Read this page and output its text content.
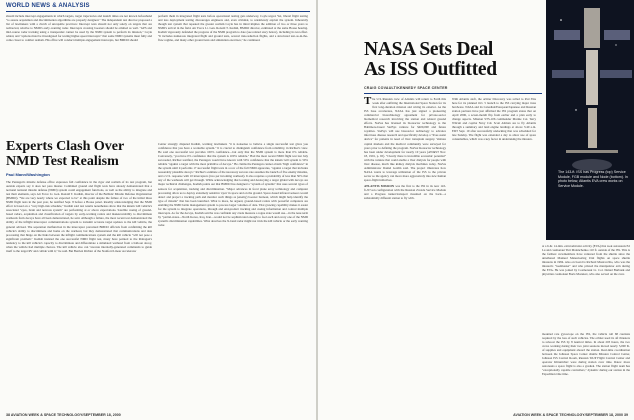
WORLD NEWS & ANALYSIS
should include intercept engagements in which targets, target trajectories and launch times are not known beforehand "to assure acquisition and discrimination algorithms are properly designed." The independent test director proposed a list of lawmakers with a clutch of uncapable practices: Intercept tests should not only solely on targets that are redirected, relative to NMD's early-warning radar. Intercepts crossing boosters should be omitted as well. "GPS and mid-course radar tracking using a transponder cannot be used by the NMD system to perform its mission," Coyle added, and "options must be investigated for testing higher-speed intercepts" that some NMD systems must fully and come closer to combat realism. His office will conduct multiple engagement intercepts, but BMDO should
perform them in integrated flight tests before operational testing gets underway, Coyle urged. Yet, liberal flight testing and less deployment testing discourages engineers and, even criminal, to relentlessly exploit the system. Inherently though test system that repeated the greater realism Coyle has in mind implies the addition of two or three years to NMD's arrival in the field. Air Force Lt. Gen. Ronald T. Kadish, BMDO director, estimated at the same House hearing. Kadish vigorously defended the progress of the NMD program to date (see related story below), including its test effort. "It includes numerous integrated flight and ground tests, several risk-reduction flights, and a structured test-as-in-the-flow regime, and many other ground tests and simulation exercises," he continued.
Experts Clash Over NMD Test Realism
Paul Mann/Washington
The Pentagon's missile defense office expresses full confidence in the rigor and realism of its test program, but outside experts say it does not pass muster. Combined ground and flight tests have already demonstrated that a notional national missile defense (NMD) system could engagement functions, as well as the ability to integrate and test their elements, says Air Force Lt. Gen. Ronald T. Kadish, director of the Ballistic Missile Defense Organization (BMDO). "We are very nearly where we expected to be" at this point despite the failure of two of the initial three NMD flight tests in the past year, he testified Sept. 8 before a House panel. Readily acknowledging that the NMD effort is based on a "very high-risk schedule," Kadish said test results nonetheless show that the kinetic kill vehicle's associated "eyes, brain and nervous system" are performing at or above expectations. Satellite cueing of ground-based radars, acquisition and classification of targets by early-warning radars and maneuverability to discriminate warheads from decoys have all been demonstrated, he said. Although a failure, the most recent test demonstrated the ability of the inflight interceptor communications system to transmit accurate target updates to the kill vehicle, the general advised. The separation malfunction in the interceptor prevented BMDO officials from confirming the kill vehicle's ability to discriminate and home on the warhead, but they demonstrated that communications and data processing that hinge on the links between the inflight communications system and the kill vehicle "will not pose a significant problem." Kadish insisted the one successful NMD flight test, many have pointed to the Pentagon's tendency to the kill vehicle's capacity to discriminate and differentiate a simulated warhead from a balloon decoy, when the vehicle had multiple choices. The kill vehicle also can "execute internally-generated commands to guide itself to the target RV and collide with it," he said. But Berrien Richter of the Stanford Linear Accelerator
Center strongly disputed Kadish, warning lawmakers "it is nonsense to believe a single successful test gives you confidence that you have a workable system." It is crucial to distinguish confidence from reliability, in Richter's view. He said one successful test provides 100% confidence—but only that the NMD system is more than 0% reliable. Conversely, "you have 0% confidence that the system is 100% reliable." Had the most recent NMD flight test last July succeeded, Richter testified, the Pentagon would have known with 50% confidence that the kinetic kill system is 50% reliable "against a target with the most primitive of decoys." He claims the Pentagon cannot obtain "high confidence" in the system until it performs 17 successful flight tests in a row of the full NMD apparatus, "against a target that includes reasonably plausible decoys." Richter's estimate of the necessary success rate assumes the launch of five enemy missiles, and a U.S. response with 10 interceptors (two per incoming warhead). It also requires a probability of less than 50% that any of the warheads will get through. While acknowledging that locating and destroying a target gilded with decoys are major technical challenges, Kadish points out that BMDO has designed a "system of systems" that uses several types of sensors for acquisition, tracking and discrimination. "Major advances in focal plane array technology and computer processing allow us to deploy extremely sensitive 'eyes' in space and on the ground. Space-based infrared sensors would detect and project a tracking path and monitor such things as (enemy) booster burnout, which might help identify the type of missile" that has been launched. What is more, he argued, ground-based radars with powerful computers are enabling the NMD battle management system to process larger volumes of data. That growing capability makes it easier for the system to integrate operations, through and end-product tracking and cueing information and control multiple intercepts. As for the decoys, Kadish said he was confident any crude measure a rogue state would use—in the near-term by "partial-states—North Korea, Iraq, Iran—would not be sophisticated enough to fool each and every one of the NMD system's discrimination capabilities. What deceives the X-band radar might not trick the kill vehicle or the early warning radar.
38 AVIATION WEEK & SPACE TECHNOLOGY/SEPTEMBER 18, 2000
The 143-ft. ISS has Progress (top) Service Module, FGB module and Node (bottom). In photo below, Atlantis EVA crew works on Service Module.
NASA Sets Deal
As ISS Outfitted
CRAIG COVAULT/KENNEDY SPACE CENTER
The U.S./Russian crew of Atlantis will return to Earth this week after outfitting the International Space Station for its first long-duration mission and wiring its exterior. As the ISS base accelerates, NASA has just signed a pioneering commercial biotechnology agreement for private-sector biomedical research involving the station and related ground efforts. NASA has licensed its bioreactor technology to the Baltimore-based StelSys venture for $400,000 and future royalties. StelSys will use bioreactor technology to advance infectious disease research and specifically develop a "liver-assist device" for patients in need of liver transplant surgery. Venture capital markets and the medical community were surveyed for years prior to defining the program. NASA bioreactor technology has been under development for nearly 10 years (AW&ST Nov. 18, 1991, p. 65). "Clearly there is incredible economic potential" with the venture that could enable a liver dialysis for people with liver disease, much like kidney dialysis machines today, NASA Administrator Daniel Goldin said. The project illustrates how NASA wants to leverage utilization of the ISS to the private sector so the agency can move more aggressively into new human space-flight initiatives.
ATLANTIS MISSION was the first to the ISS in its new 143-ft./67-ton configuration with the Russian Zvezda Service Module and a Progress tanker/transport mounted on the back—a substantially different station to fly with.
With Atlantis aloft, the orbiter Discovery was rolled to Pad 39A here for its planned Oct. 5 launch to the ISS carrying major truss hardware. NASA and its Canadian/European/Japanese and Russian station partners have just affirmed the ISS program status that on April 2006, a seven-month flip from earlier and a plan early to change aspects. Mission STS-106 commander Marine Col. Terry Wilcutt and copilot Navy Cdr. Scott Altman are to fly Atlantis through a summary and land engine landings at above 3:40 a.m. EDT Sept. 19 after successfully undocking that was scheduled for late Sunday. The flight was extended a day to allow use of spare consumables, which was a key factor in undertaking the mission.
at a 6-hr. 14-min. extravehicular activity (EVA) that took astronauts Ed Lu and cosmonaut Yuri Malenchenko 110 ft. outside of the ISS. This is the farthest crewmembers have ventured from the shuttle since the untethered Manned Maneuvering Unit flights on space shuttle missions in 1984. Also on board is Richard Mastracchio, who was the mission's "loadmaster" and who piloted the manipulator arm during the EVA. He was joined by Cosmonaut Lt. Col. Daniel Burbank and physician cosmonaut Boris Morukov, who also served on the crew.
mounted rate gyroscope on the ISS, the vehicle roll 68 cautions required by the loss of such vehicles. The orbiter used its aft thrusters to reboost the ISS by 8 nautical miles. In about 203 hours, the two crews working during their two joint sessions moved nearly 5,000 lb. of supplies and equipment aboard the station. Real-time coordination between the Johnson Space Center shuttle Mission Control Center, Johnson ISS Control Room, Russian TsUP Flight Control Center and operator Khrunichev were during station crew time. Rates: more astronauts a space flight is also a gradual. The station flight team has "exceptionally capable controllers," dynamic during our station in the Expedition One time.
AVIATION WEEK & SPACE TECHNOLOGY/SEPTEMBER 18, 2000 39
